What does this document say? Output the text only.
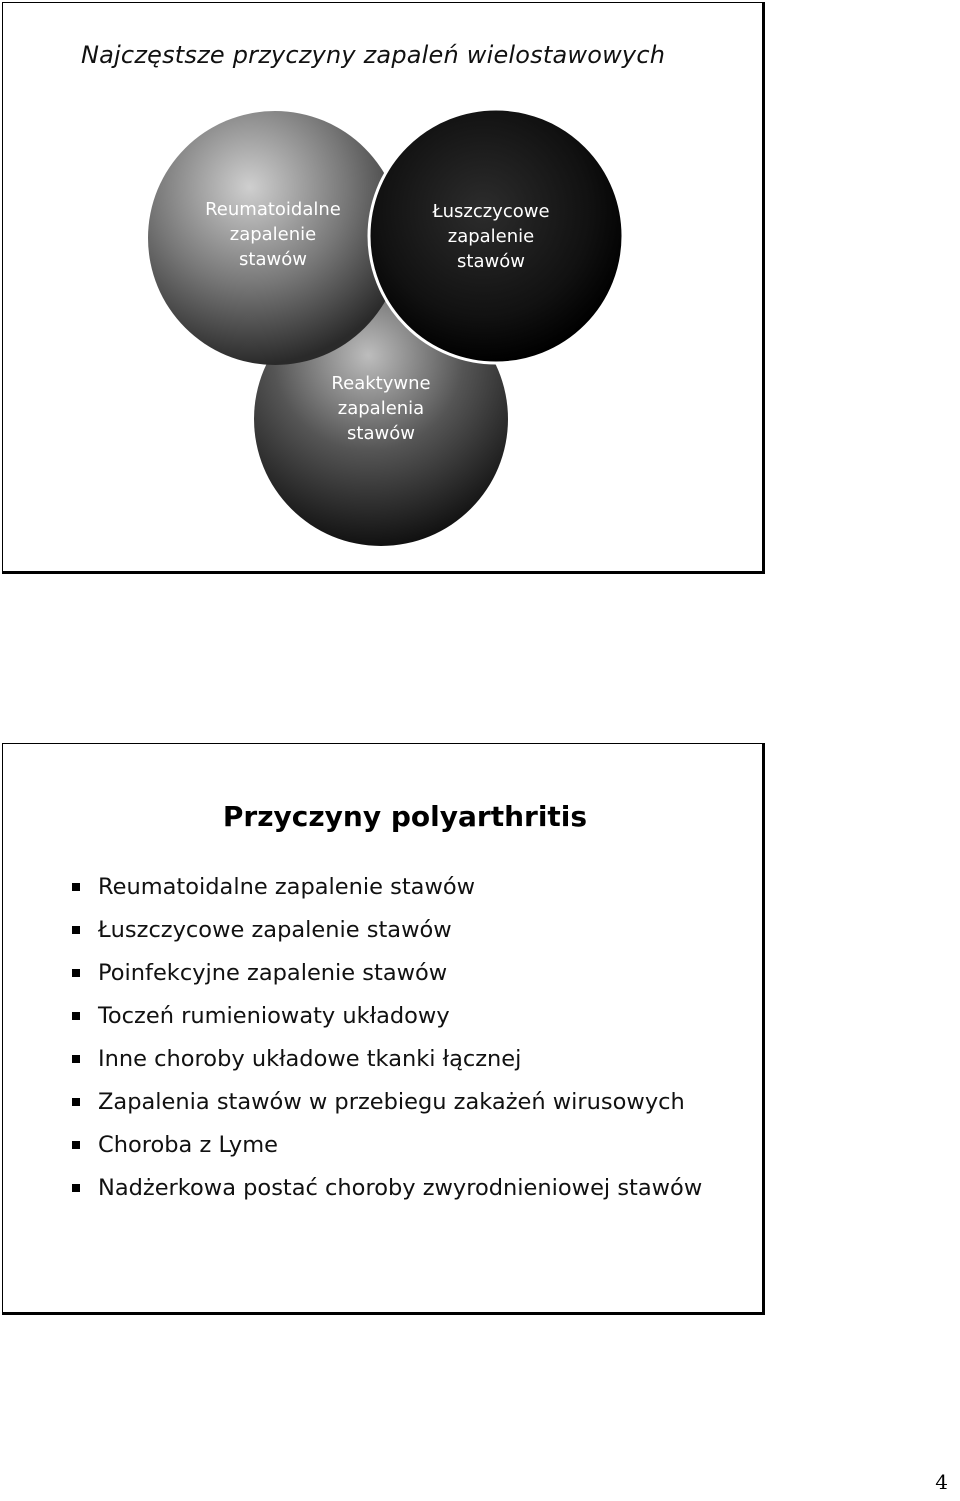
Najczęstsze przyczyny zapaleń wielostawowych
Reumatoidalne
zapalenie
stawów
Łuszczycowe
zapalenie
stawów
Reaktywne
zapalenia
stawów
Przyczyny polyarthritis
Reumatoidalne zapalenie stawów
Łuszczycowe zapalenie stawów
Poinfekcyjne zapalenie stawów
Toczeń rumieniowaty układowy
Inne choroby układowe tkanki łącznej
Zapalenia stawów w przebiegu zakażeń wirusowych
Choroba z Lyme
Nadżerkowa postać choroby zwyrodnieniowej stawów
4
